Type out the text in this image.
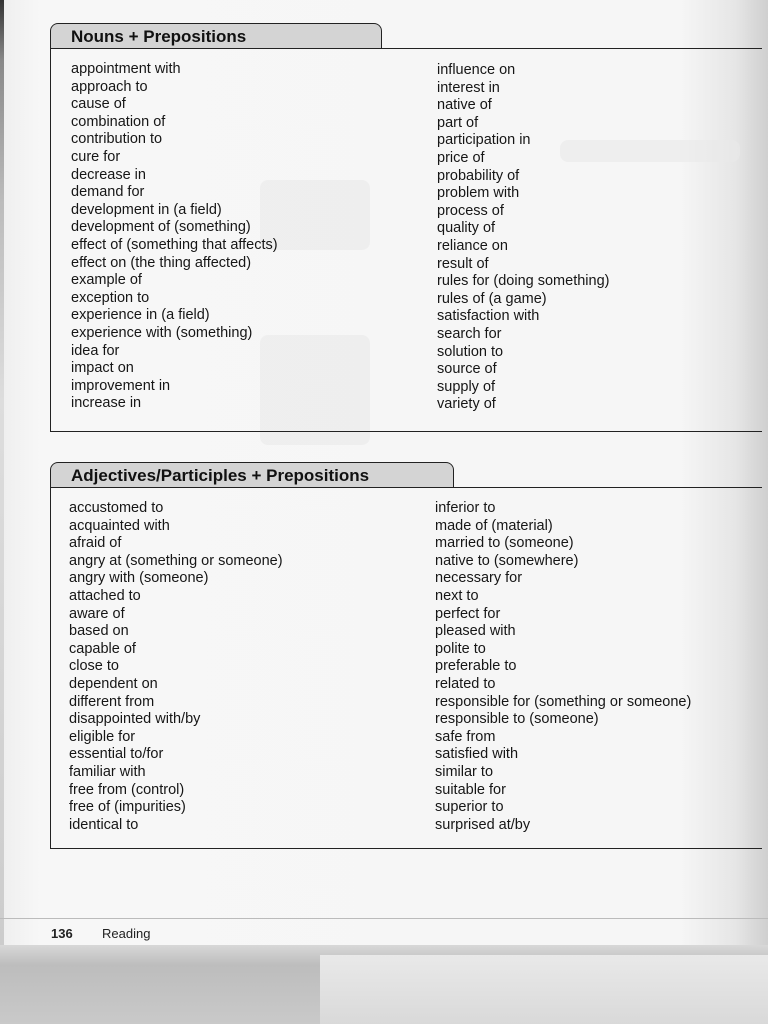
Nouns + Prepositions
appointment with
approach to
cause of
combination of
contribution to
cure for
decrease in
demand for
development in (a field)
development of (something)
effect of (something that affects)
effect on (the thing affected)
example of
exception to
experience in (a field)
experience with (something)
idea for
impact on
improvement in
increase in
influence on
interest in
native of
part of
participation in
price of
probability of
problem with
process of
quality of
reliance on
result of
rules for (doing something)
rules of (a game)
satisfaction with
search for
solution to
source of
supply of
variety of
Adjectives/Participles + Prepositions
accustomed to
acquainted with
afraid of
angry at (something or someone)
angry with (someone)
attached to
aware of
based on
capable of
close to
dependent on
different from
disappointed with/by
eligible for
essential to/for
familiar with
free from (control)
free of (impurities)
identical to
inferior to
made of (material)
married to (someone)
native to (somewhere)
necessary for
next to
perfect for
pleased with
polite to
preferable to
related to
responsible for (something or someone)
responsible to (someone)
safe from
satisfied with
similar to
suitable for
superior to
surprised at/by
136 Reading
